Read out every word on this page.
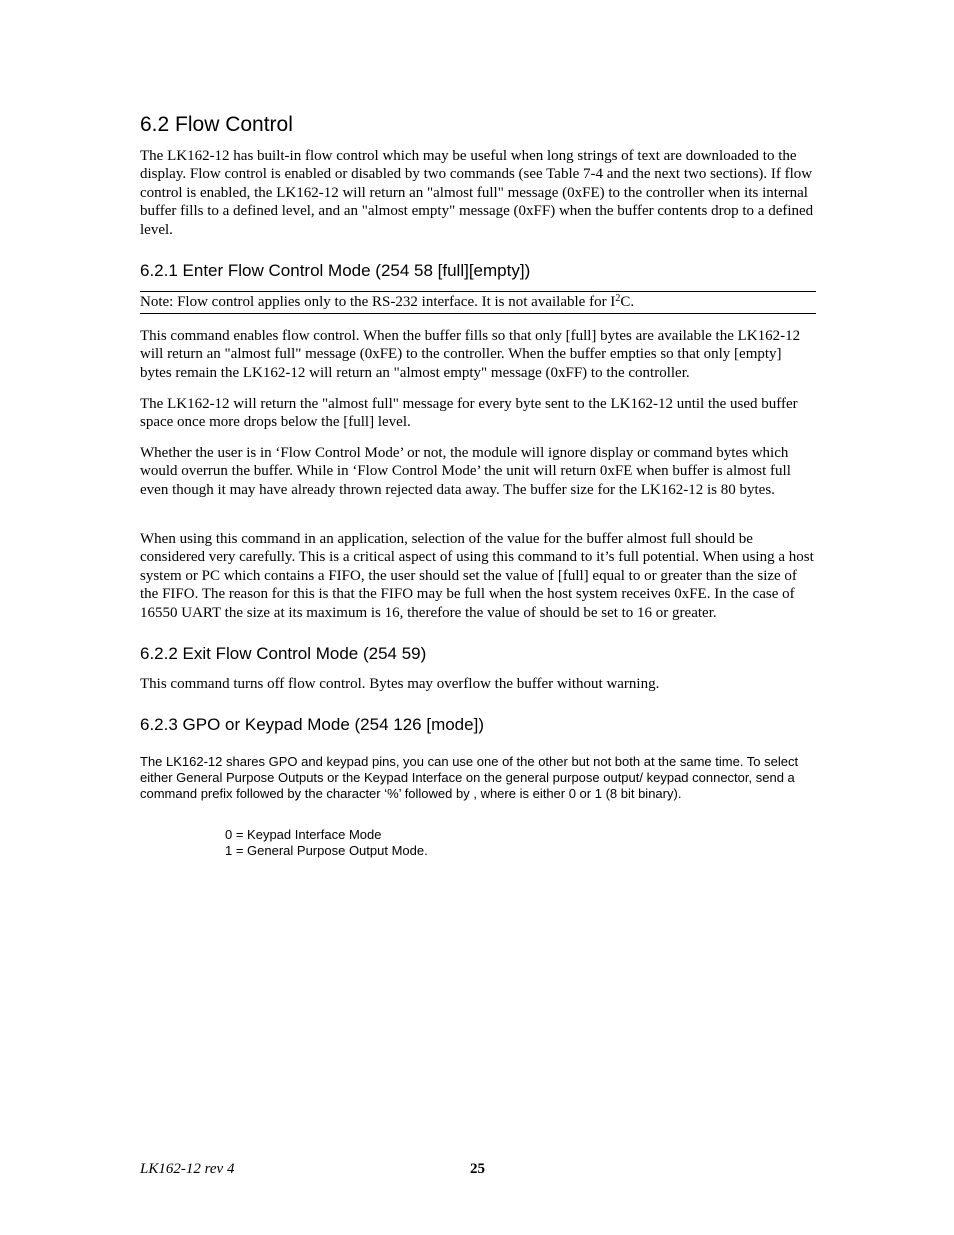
6.2 Flow Control

The LK162-12 has built-in flow control which may be useful when long strings of text are downloaded to the display. Flow control is enabled or disabled by two commands (see Table 7-4 and the next two sections). If flow control is enabled, the LK162-12 will return an "almost full" message (0xFE) to the controller when its internal buffer fills to a defined level, and an "almost empty" message (0xFF) when the buffer contents drop to a defined level.

6.2.1 Enter Flow Control Mode (254 58 [full][empty])
Note: Flow control applies only to the RS-232 interface. It is not available for $I^2C$.

This command enables flow control. When the buffer fills so that only [full] bytes are available the LK162-12 will return an "almost full" message (0xFE) to the controller. When the buffer empties so that only [empty] bytes remain the LK162-12 will return an "almost empty" message (0xFF) to the controller.

The LK162-12 will return the "almost full" message for every byte sent to the LK162-12 until the used buffer space once more drops below the [full] level.

Whether the user is in ‘Flow Control Mode’ or not, the module will ignore display or command bytes which would overrun the buffer. While in ‘Flow Control Mode’ the unit will return 0xFE when buffer is almost full even though it may have already thrown rejected data away. The buffer size for the LK162-12 is 80 bytes.

When using this command in an application, selection of the value for the buffer almost full should be considered very carefully. This is a critical aspect of using this command to it’s full potential. When using a host system or PC which contains a FIFO, the user should set the value of [full] equal to or greater than the size of the FIFO. The reason for this is that the FIFO may be full when the host system receives 0xFE. In the case of 16550 UART the size at its maximum is 16, therefore the value of should be set to 16 or greater.

6.2.2 Exit Flow Control Mode (254 59)

This command turns off flow control. Bytes may overflow the buffer without warning.

6.2.3 GPO or Keypad Mode (254 126 [mode])

The LK162-12 shares GPO and keypad pins, you can use one of the other but not both at the same time. To select either General Purpose Outputs or the Keypad Interface on the general purpose output/ keypad connector, send a command prefix followed by the character ‘%’ followed by , where is either 0 or 1 (8 bit binary).

0 = Keypad Interface Mode

1 = General Purpose Output Mode.

LK162-12 rev 4	25
